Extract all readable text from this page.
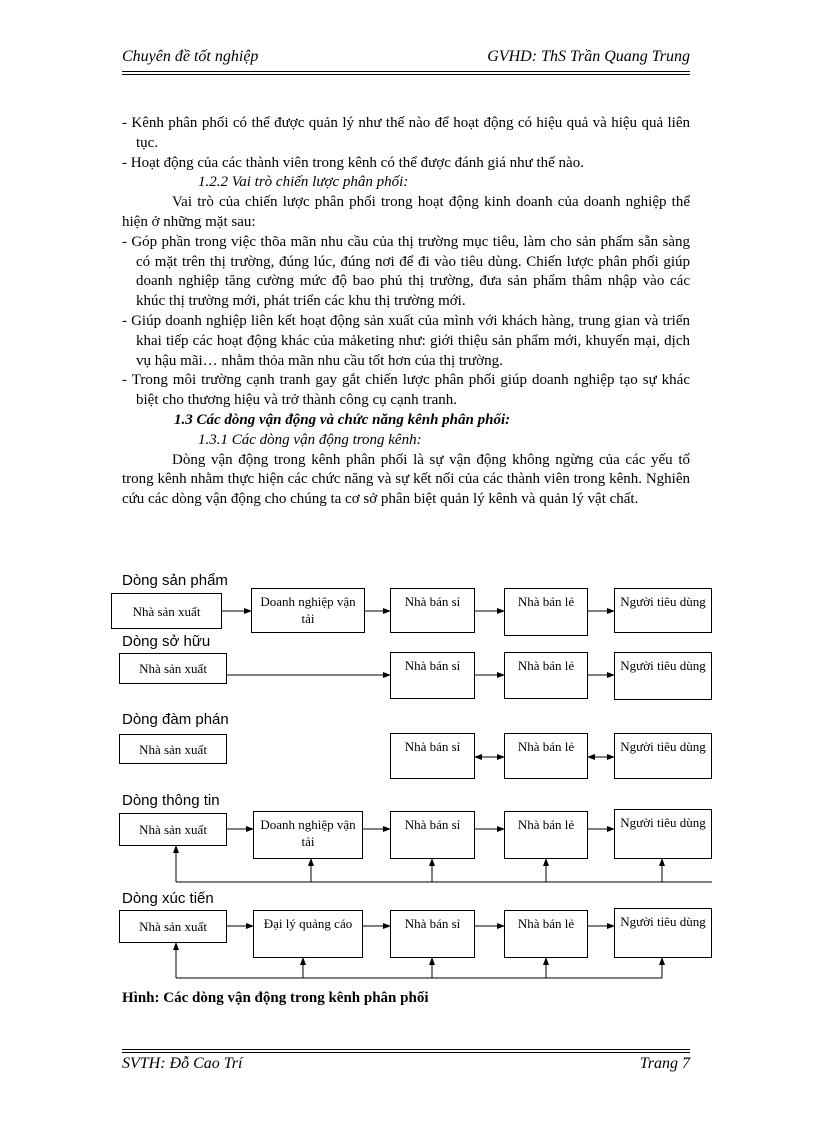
Chuyên đề tốt nghiệp	GVHD: ThS Trần Quang Trung

- Kênh phân phối có thể được quản lý như thế nào để hoạt động có hiệu quả và hiệu quả liên tục.

- Hoạt động của các thành viên trong kênh có thể được đánh giá như thế nào.

1.2.2 Vai trò chiến lược phân phối:

Vai trò của chiến lược phân phối trong hoạt động kinh doanh của doanh nghiệp thể hiện ở những mặt sau:

- Góp phần trong việc thõa mãn nhu cầu của thị trường mục tiêu, làm cho sản phẩm sẵn sàng có mặt trên thị trường, đúng lúc, đúng nơi để đi vào tiêu dùng. Chiến lược phân phối giúp doanh nghiệp tăng cường mức độ bao phủ thị trường, đưa sản phẩm thâm nhập vào các khúc thị trường mới, phát triển các khu thị trường mới.

- Giúp doanh nghiệp liên kết hoạt động sản xuất của mình với khách hàng, trung gian và triển khai tiếp các hoạt động khác của mảketing như: giới thiệu sản phẩm mới, khuyến mại, dịch vụ hậu mãi… nhằm thỏa mãn nhu cầu tốt hơn của thị trường.

- Trong môi trường cạnh tranh gay gắt chiến lược phân phối giúp doanh nghiệp tạo sự khác biệt cho thương hiệu và trở thành công cụ cạnh tranh.

1.3 Các dòng vận động và chức năng kênh phân phối:

1.3.1 Các dòng vận động trong kênh:

Dòng vận động trong kênh phân phối là sự vận động không ngừng của các yếu tố trong kênh nhằm thực hiện các chức năng và sự kết nối của các thành viên trong kênh. Nghiên cứu các dòng vận động cho chúng ta cơ sở phân biệt quản lý kênh và quản lý vật chất.

Dòng sản phẩm
Dòng sở hữu
Dòng đàm phán
Dòng thông tin
Dòng xúc tiến
Nhà sản xuất
Doanh nghiệp vận tải
Nhà bán sỉ	Nhà bán lẻ	Người tiêu dùng
Nhà sản xuất	Nhà bán sỉ	Nhà bán lẻ	Người tiêu dùng
Nhà sản xuất	Nhà bán sỉ	Nhà bán lẻ	Người tiêu dùng
Nhà sản xuất	Doanh nghiệp vận tải
Nhà bán sỉ	Nhà bán lẻ	Người tiêu dùng
Nhà sản xuất	Đại lý quảng cáo	Nhà bán sỉ	Nhà bán lẻ	Người tiêu dùng
Hình: Các dòng vận động trong kênh phân phối
SVTH: Đỗ Cao Trí	Trang 7
